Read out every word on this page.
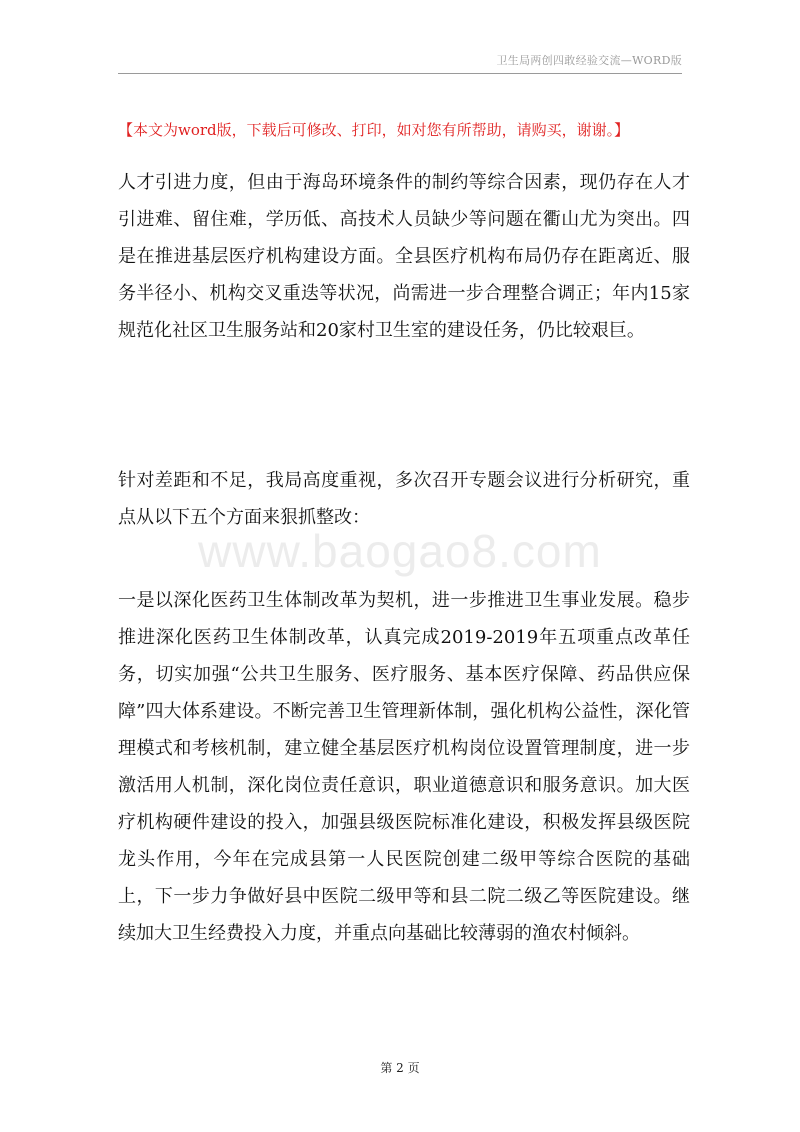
卫生局两创四敢经验交流—WORD版
【本文为word版，下载后可修改、打印，如对您有所帮助，请购买，谢谢。】

人才引进力度，但由于海岛环境条件的制约等综合因素，现仍存在人才引进难、留住难，学历低、高技术人员缺少等问题在衢山尤为突出。四是在推进基层医疗机构建设方面。全县医疗机构布局仍存在距离近、服务半径小、机构交叉重迭等状况，尚需进一步合理整合调正；年内15家规范化社区卫生服务站和20家村卫生室的建设任务，仍比较艰巨。

针对差距和不足，我局高度重视，多次召开专题会议进行分析研究，重点从以下五个方面来狠抓整改：

www.baogao8.com

一是以深化医药卫生体制改革为契机，进一步推进卫生事业发展。稳步推进深化医药卫生体制改革，认真完成2019-2019年五项重点改革任务，切实加强“公共卫生服务、医疗服务、基本医疗保障、药品供应保障”四大体系建设。不断完善卫生管理新体制，强化机构公益性，深化管理模式和考核机制，建立健全基层医疗机构岗位设置管理制度，进一步激活用人机制，深化岗位责任意识，职业道德意识和服务意识。加大医疗机构硬件建设的投入，加强县级医院标准化建设，积极发挥县级医院龙头作用，今年在完成县第一人民医院创建二级甲等综合医院的基础上，下一步力争做好县中医院二级甲等和县二院二级乙等医院建设。继续加大卫生经费投入力度，并重点向基础比较薄弱的渔农村倾斜。

第 2 页
